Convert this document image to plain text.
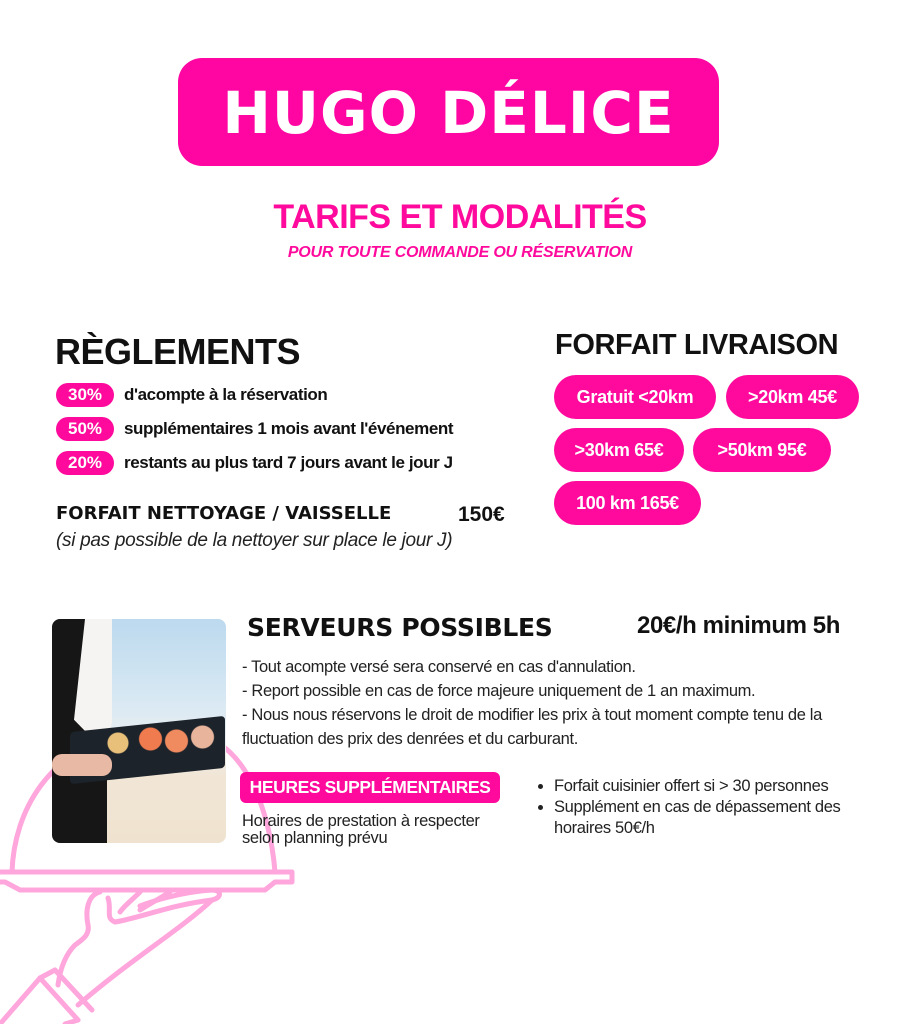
HUGO DÉLICE
TARIFS ET MODALITÉS
POUR TOUTE COMMANDE OU RÉSERVATION
RÈGLEMENTS
30%	d'acompte à la réservation
50%	supplémentaires 1 mois avant l'événement
20%	restants au plus tard 7 jours avant le jour J
FORFAIT NETTOYAGE / VAISSELLE	150€
(si pas possible de la nettoyer sur place le jour J)
FORFAIT LIVRAISON
Gratuit <20km	>20km 45€
>30km 65€	>50km 95€
100 km 165€
SERVEURS POSSIBLES	20€/h minimum 5h
- Tout acompte versé sera conservé en cas d'annulation.
- Report possible en cas de force majeure uniquement de 1 an maximum.
- Nous nous réservons le droit de modifier les prix à tout moment compte tenu de la fluctuation des prix des denrées et du carburant.
HEURES SUPPLÉMENTAIRES
Horaires de prestation à respecter selon planning prévu
Forfait cuisinier offert si > 30 personnes
Supplément en cas de dépassement des horaires 50€/h
